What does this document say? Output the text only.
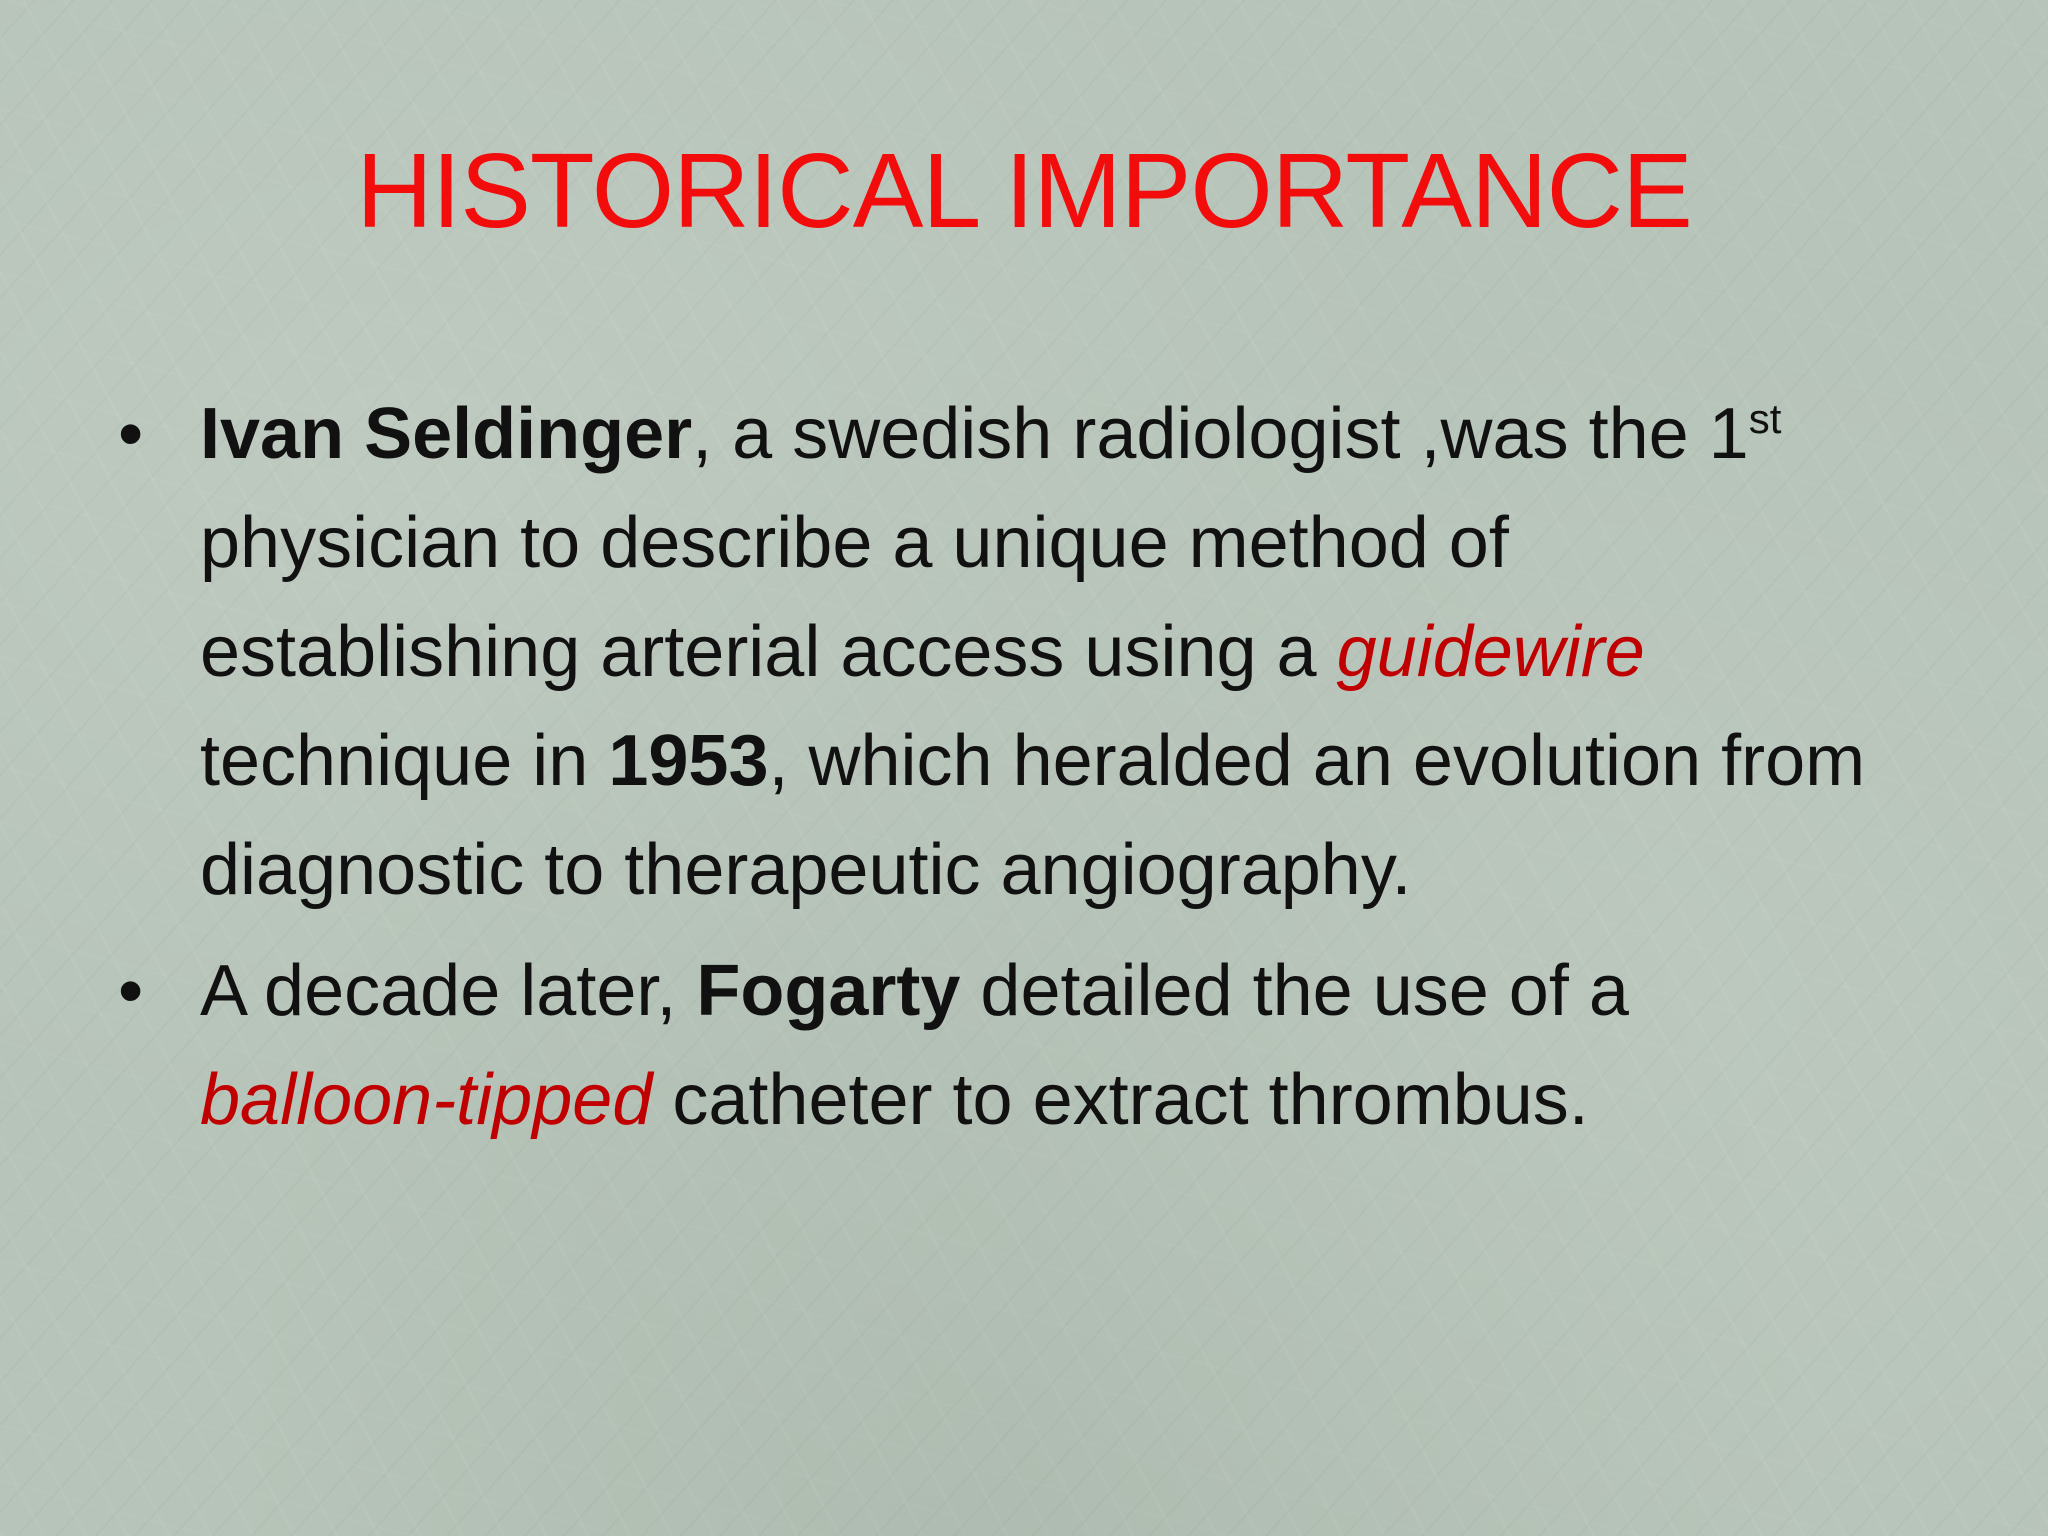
HISTORICAL IMPORTANCE
• Ivan Seldinger, a swedish radiologist ,was the 1st physician to describe a unique method of establishing arterial access using a guidewire technique in 1953, which heralded an evolution from diagnostic to therapeutic angiography.
• A decade later, Fogarty detailed the use of a balloon-tipped catheter to extract thrombus.
